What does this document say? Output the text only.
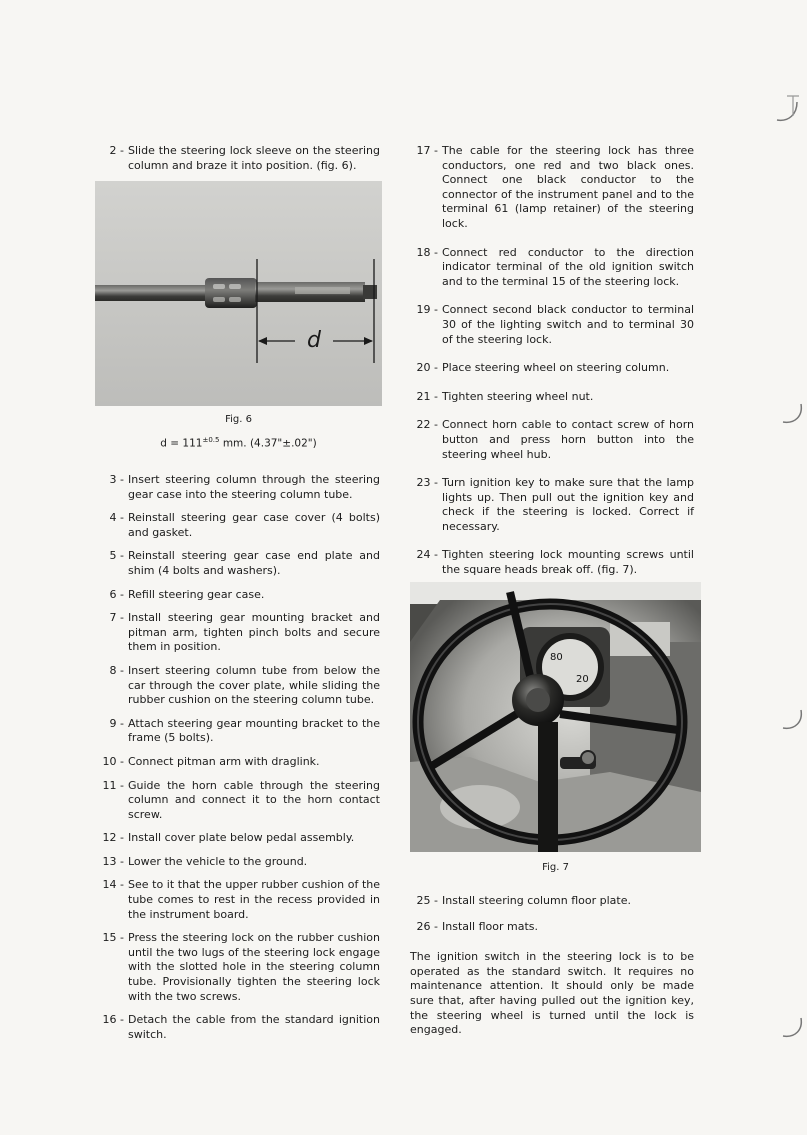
2 - Slide the steering lock sleeve on the steering column and braze it into position. (fig. 6).
d
Fig. 6
$d = 111^{\pm 0.5}$ mm. (4.37"±.02")
3 - Insert steering column through the steering gear case into the steering column tube.
4 - Reinstall steering gear case cover (4 bolts) and gasket.
5 - Reinstall steering gear case end plate and shim (4 bolts and washers).
6 - Refill steering gear case.
7 - Install steering gear mounting bracket and pitman arm, tighten pinch bolts and secure them in position.
8 - Insert steering column tube from below the car through the cover plate, while sliding the rubber cushion on the steering column tube.
9 - Attach steering gear mounting bracket to the frame (5 bolts).
10 - Connect pitman arm with draglink.
11 - Guide the horn cable through the steering column and connect it to the horn contact screw.
12 - Install cover plate below pedal assembly.
13 - Lower the vehicle to the ground.
14 - See to it that the upper rubber cushion of the tube comes to rest in the recess provided in the instrument board.
15 - Press the steering lock on the rubber cushion until the two lugs of the steering lock engage with the slotted hole in the steering column tube. Provisionally tighten the steering lock with the two screws.
16 - Detach the cable from the standard ignition switch.
17 - The cable for the steering lock has three conductors, one red and two black ones. Connect one black conductor to the connector of the instrument panel and to the terminal 61 (lamp retainer) of the steering lock.
18 - Connect red conductor to the direction indicator terminal of the old ignition switch and to the terminal 15 of the steering lock.
19 - Connect second black conductor to terminal 30 of the lighting switch and to terminal 30 of the steering lock.
20 - Place steering wheel on steering column.
21 - Tighten steering wheel nut.
22 - Connect horn cable to contact screw of horn button and press horn button into the steering wheel hub.
23 - Turn ignition key to make sure that the lamp lights up. Then pull out the ignition key and check if the steering is locked. Correct if necessary.
24 - Tighten steering lock mounting screws until the square heads break off. (fig. 7).
80
20
Fig. 7
25 - Install steering column floor plate.
26 - Install floor mats.
The ignition switch in the steering lock is to be operated as the standard switch. It requires no maintenance attention. It should only be made sure that, after having pulled out the ignition key, the steering wheel is turned until the lock is engaged.
